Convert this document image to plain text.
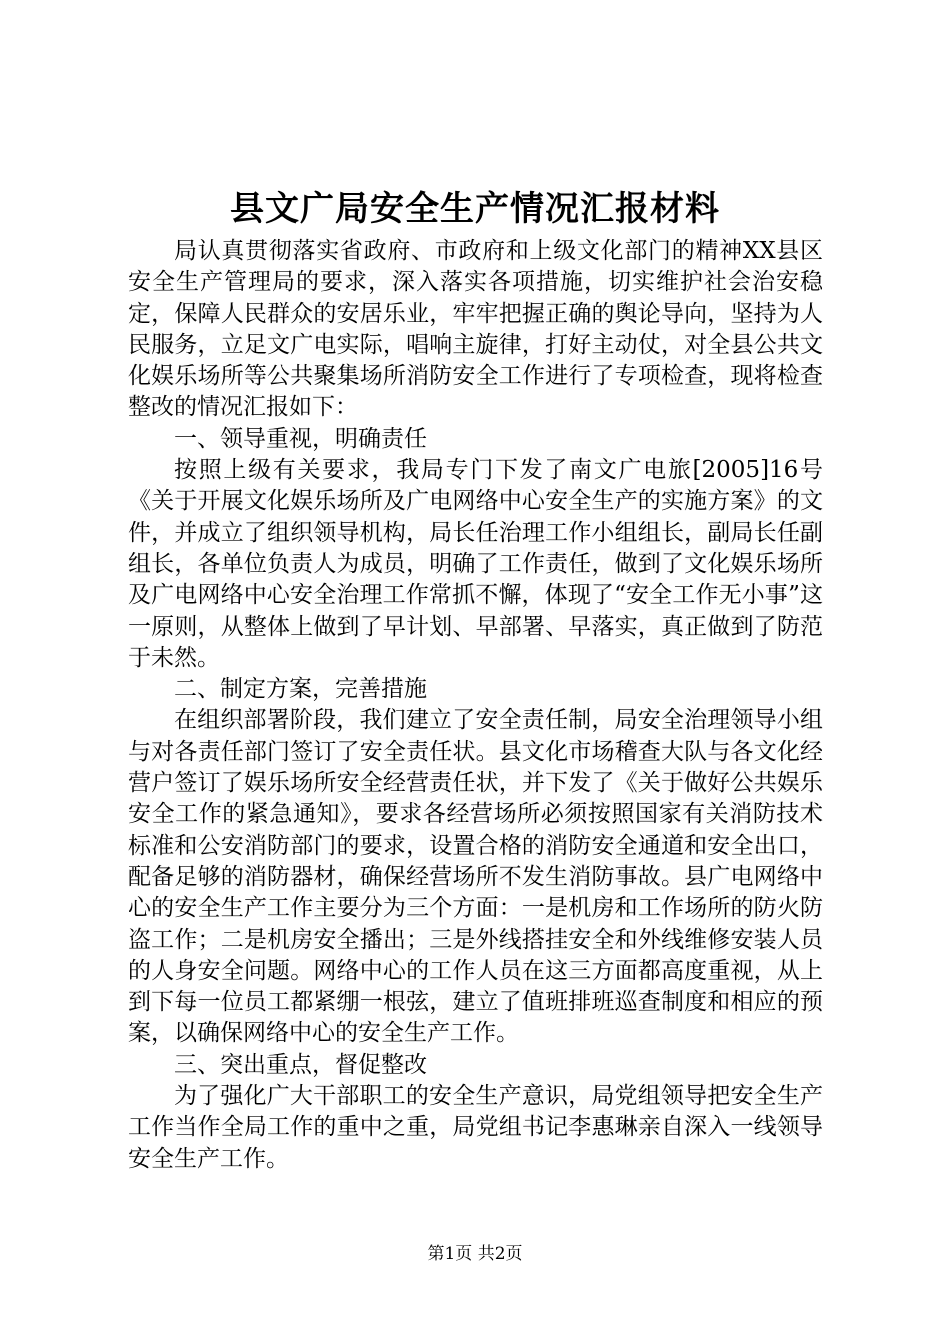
县文广局安全生产情况汇报材料

局认真贯彻落实省政府、市政府和上级文化部门的精神XX县区安全生产管理局的要求，深入落实各项措施，切实维护社会治安稳定，保障人民群众的安居乐业，牢牢把握正确的舆论导向，坚持为人民服务，立足文广电实际，唱响主旋律，打好主动仗，对全县公共文化娱乐场所等公共聚集场所消防安全工作进行了专项检查，现将检查整改的情况汇报如下：

一、领导重视，明确责任

按照上级有关要求，我局专门下发了南文广电旅[2005]16号《关于开展文化娱乐场所及广电网络中心安全生产的实施方案》的文件，并成立了组织领导机构，局长任治理工作小组组长，副局长任副组长，各单位负责人为成员，明确了工作责任，做到了文化娱乐场所及广电网络中心安全治理工作常抓不懈，体现了“安全工作无小事”这一原则，从整体上做到了早计划、早部署、早落实，真正做到了防范于未然。

二、制定方案，完善措施

在组织部署阶段，我们建立了安全责任制，局安全治理领导小组与对各责任部门签订了安全责任状。县文化市场稽查大队与各文化经营户签订了娱乐场所安全经营责任状，并下发了《关于做好公共娱乐安全工作的紧急通知》，要求各经营场所必须按照国家有关消防技术标准和公安消防部门的要求，设置合格的消防安全通道和安全出口，配备足够的消防器材，确保经营场所不发生消防事故。县广电网络中心的安全生产工作主要分为三个方面：一是机房和工作场所的防火防盗工作；二是机房安全播出；三是外线搭挂安全和外线维修安装人员的人身安全问题。网络中心的工作人员在这三方面都高度重视，从上到下每一位员工都紧绷一根弦，建立了值班排班巡查制度和相应的预案，以确保网络中心的安全生产工作。

三、突出重点，督促整改

为了强化广大干部职工的安全生产意识，局党组领导把安全生产工作当作全局工作的重中之重，局党组书记李惠琳亲自深入一线领导安全生产工作。

第1页 共2页
